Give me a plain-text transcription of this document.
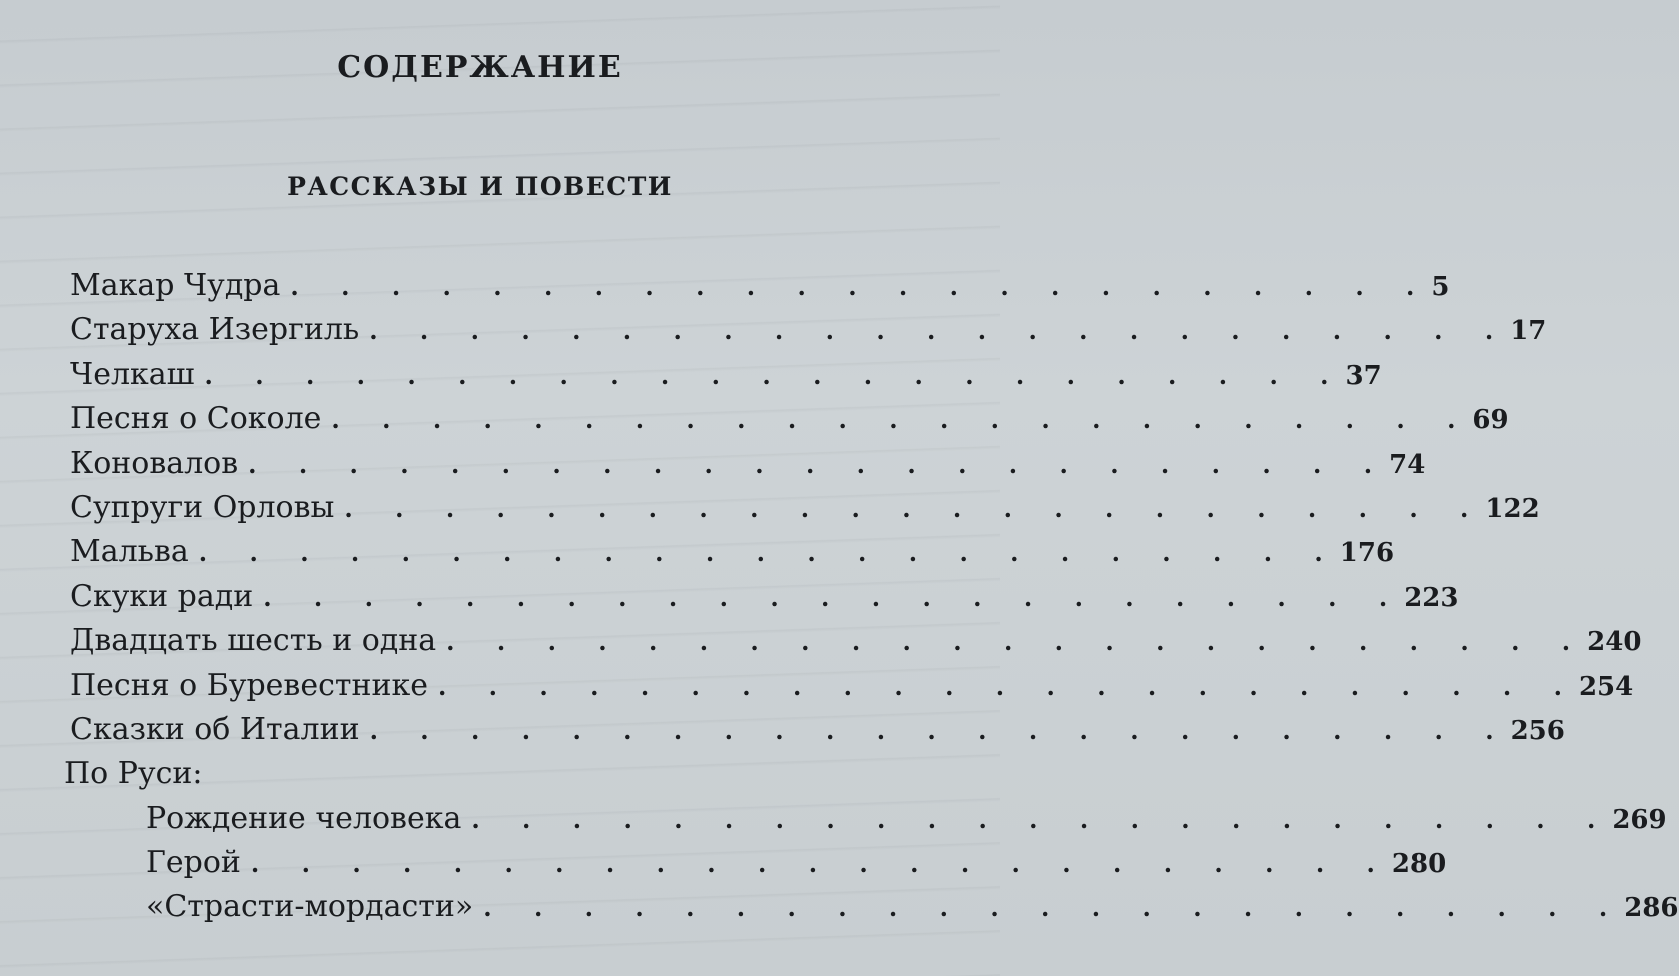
СОДЕРЖАНИЕ
РАССКАЗЫ И ПОВЕСТИ
Макар Чудра . . . . . . . . . . . . . . . . . . . . . . . 5
Старуха Изергиль . . . . . . . . . . . . . . . . . . . . . . . 17
Челкаш . . . . . . . . . . . . . . . . . . . . . . . 37
Песня о Соколе . . . . . . . . . . . . . . . . . . . . . . . 69
Коновалов . . . . . . . . . . . . . . . . . . . . . . . 74
Супруги Орловы . . . . . . . . . . . . . . . . . . . . . . . 122
Мальва . . . . . . . . . . . . . . . . . . . . . . . 176
Скуки ради . . . . . . . . . . . . . . . . . . . . . . . 223
Двадцать шесть и одна . . . . . . . . . . . . . . . . . . . . . . . 240
Песня о Буревестнике . . . . . . . . . . . . . . . . . . . . . . . 254
Сказки об Италии . . . . . . . . . . . . . . . . . . . . . . . 256
По Руси:
Рождение человека . . . . . . . . . . . . . . . . . . . . . . . 269
Герой . . . . . . . . . . . . . . . . . . . . . . . 280
«Страсти-мордасти» . . . . . . . . . . . . . . . . . . . . . . . 286
